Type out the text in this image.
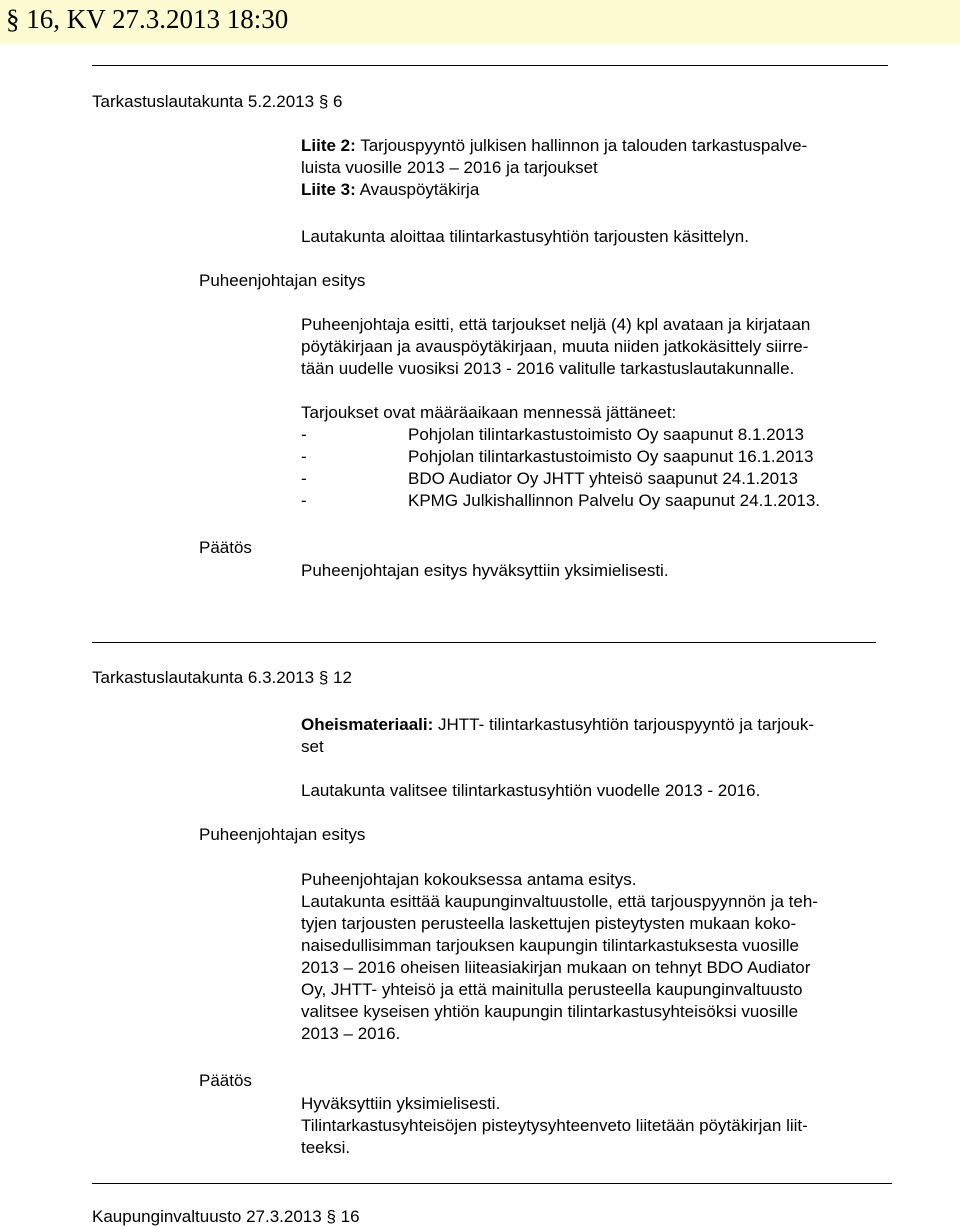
§ 16, KV 27.3.2013 18:30
Tarkastuslautakunta 5.2.2013 § 6
Liite 2: Tarjouspyyntö julkisen hallinnon ja talouden tarkastuspalve-
luista vuosille 2013 – 2016 ja tarjoukset
Liite 3: Avauspöytäkirja
Lautakunta aloittaa tilintarkastusyhtiön tarjousten käsittelyn.
Puheenjohtajan esitys
Puheenjohtaja esitti, että tarjoukset neljä (4) kpl avataan ja kirjataan
pöytäkirjaan ja avauspöytäkirjaan, muuta niiden jatkokäsittely siirre-
tään uudelle vuosiksi 2013 - 2016 valitulle tarkastuslautakunnalle.
Tarjoukset ovat määräaikaan mennessä jättäneet:
-	Pohjolan tilintarkastustoimisto Oy saapunut 8.1.2013
-	Pohjolan tilintarkastustoimisto Oy saapunut 16.1.2013
-	BDO Audiator Oy JHTT yhteisö saapunut 24.1.2013
-	KPMG Julkishallinnon Palvelu Oy saapunut 24.1.2013.
Päätös
Puheenjohtajan esitys hyväksyttiin yksimielisesti.
Tarkastuslautakunta 6.3.2013 § 12
Oheismateriaali: JHTT- tilintarkastusyhtiön tarjouspyyntö ja tarjouk-
set
Lautakunta valitsee tilintarkastusyhtiön vuodelle 2013 - 2016.
Puheenjohtajan esitys
Puheenjohtajan kokouksessa antama esitys.
Lautakunta esittää kaupunginvaltuustolle, että tarjouspyynnön ja teh-
tyjen tarjousten perusteella laskettujen pisteytysten mukaan koko-
naisedullisimman tarjouksen kaupungin tilintarkastuksesta vuosille
2013 – 2016 oheisen liiteasiakirjan mukaan on tehnyt BDO Audiator
Oy, JHTT- yhteisö ja että mainitulla perusteella kaupunginvaltuusto
valitsee kyseisen yhtiön kaupungin tilintarkastusyhteisöksi vuosille
2013 – 2016.
Päätös
Hyväksyttiin yksimielisesti.
Tilintarkastusyhteisöjen pisteytysyhteenveto liitetään pöytäkirjan liit-
teeksi.
Kaupunginvaltuusto 27.3.2013 § 16
